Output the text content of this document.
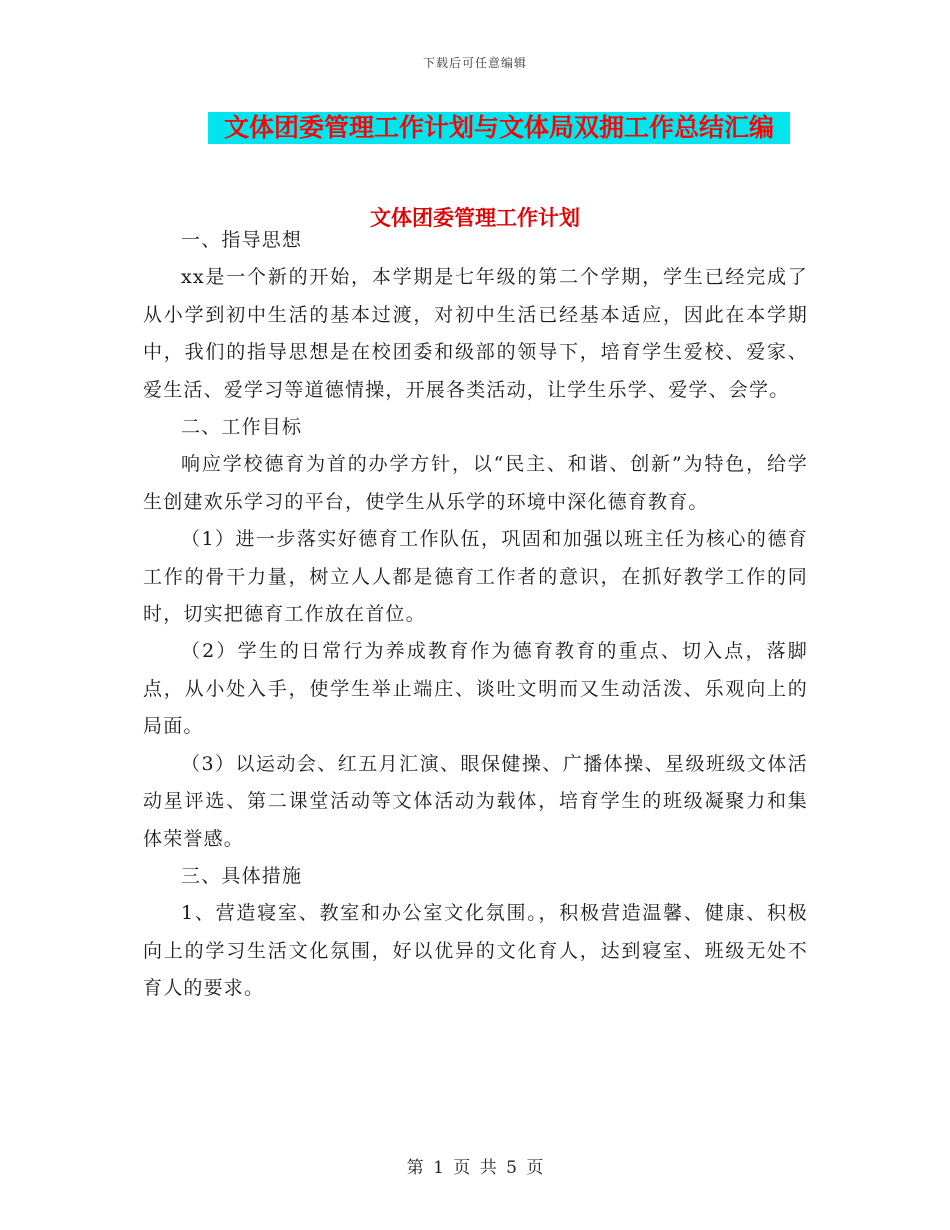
下载后可任意编辑
文体团委管理工作计划与文体局双拥工作总结汇编
文体团委管理工作计划

一、指导思想

xx是一个新的开始，本学期是七年级的第二个学期，学生已经完成了从小学到初中生活的基本过渡，对初中生活已经基本适应，因此在本学期中，我们的指导思想是在校团委和级部的领导下，培育学生爱校、爱家、爱生活、爱学习等道德情操，开展各类活动，让学生乐学、爱学、会学。

二、工作目标

响应学校德育为首的办学方针，以“民主、和谐、创新”为特色，给学生创建欢乐学习的平台，使学生从乐学的环境中深化德育教育。

（1）进一步落实好德育工作队伍，巩固和加强以班主任为核心的德育工作的骨干力量，树立人人都是德育工作者的意识，在抓好教学工作的同时，切实把德育工作放在首位。

（2）学生的日常行为养成教育作为德育教育的重点、切入点，落脚点，从小处入手，使学生举止端庄、谈吐文明而又生动活泼、乐观向上的局面。

（3）以运动会、红五月汇演、眼保健操、广播体操、星级班级文体活动星评选、第二课堂活动等文体活动为载体，培育学生的班级凝聚力和集体荣誉感。

三、具体措施

1、营造寝室、教室和办公室文化氛围。，积极营造温馨、健康、积极向上的学习生活文化氛围，好以优异的文化育人，达到寝室、班级无处不育人的要求。

第 1 页 共 5 页
